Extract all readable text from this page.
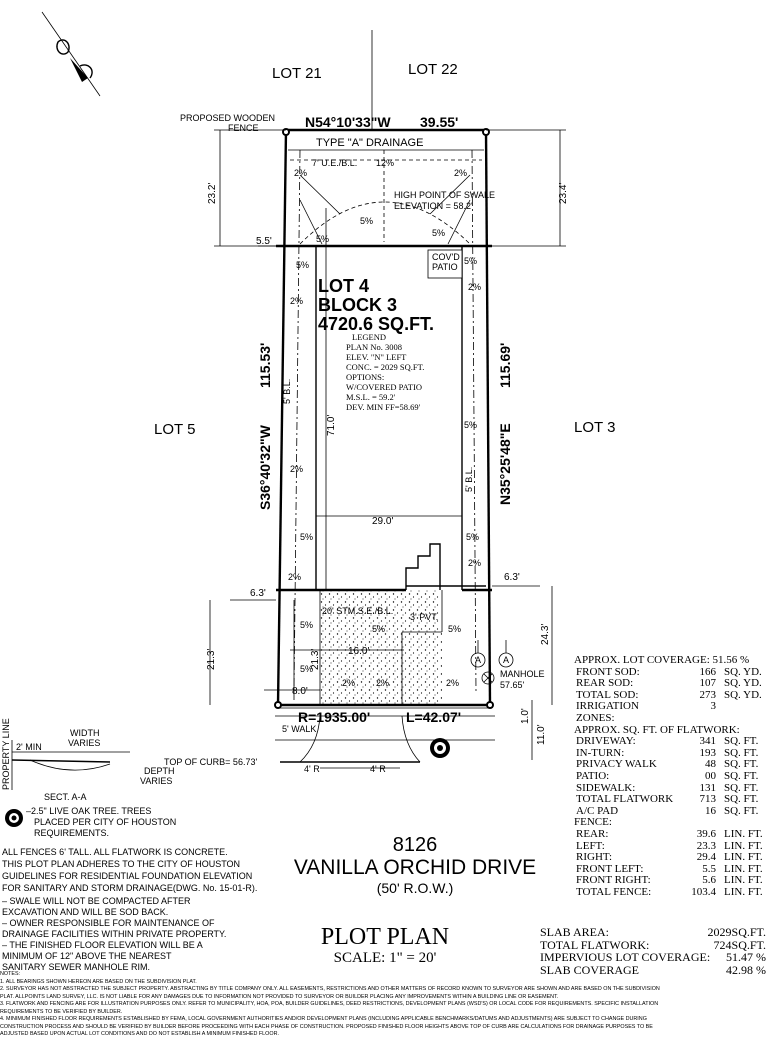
LOT 21	LOT 22
LOT 5	LOT 3
LOT 4
BLOCK 3
4720.6 SQ.FT.
N54°10'33"W 39.55'
S36°40'32"W
115.53'
N35°25'48"E
115.69'
R=1935.00'	L=42.07'
PROPOSED WOODEN
FENCE
TYPE "A" DRAINAGE
7' U.E./B.L.
HIGH POINT OF SWALE
ELEVATION = 58.2'
COV'D
PATIO
20' STM.S.E./B.L.
3' PVT.
5' WALK
MANHOLE
57.65'
5' B.L.
5' B.L.
TOP OF CURB= 56.73'
4' R	4' R
A A
23.2'	23.4'
5.5'
71.0'
29.0'
6.3'
6.3'
21.3'	21.3'	16.0'
8.0'
24.3'
1.0'
11.0'
2%
12%
2%
5%
5%
5%
5%	5%
2%
2%
5%
2%
5%	5%
2%
2%
5%	5%
5%
2% 2%	2%
5%
LEGEND
PLAN No. 3008
ELEV. "N" LEFT
CONC. = 2029 SQ.FT.
OPTIONS:
W/COVERED PATIO
M.S.L. = 59.2'
DEV. MIN FF=58.69'
PROPERTY LINE 2' MIN
WIDTH
VARIES
DEPTH
VARIES
SECT. A-A
–2.5" LIVE OAK TREE. TREES
PLACED PER CITY OF HOUSTON
REQUIREMENTS.
ALL FENCES 6' TALL. ALL FLATWORK IS CONCRETE.
THIS PLOT PLAN ADHERES TO THE CITY OF HOUSTON
GUIDELINES FOR RESIDENTIAL FOUNDATION ELEVATION
FOR SANITARY AND STORM DRAINAGE(DWG. No. 15-01-R).
– SWALE WILL NOT BE COMPACTED AFTER
EXCAVATION AND WILL BE SOD BACK.
– OWNER RESPONSIBLE FOR MAINTENANCE OF
DRAINAGE FACILITIES WITHIN PRIVATE PROPERTY.
– THE FINISHED FLOOR ELEVATION WILL BE A
MINIMUM OF 12" ABOVE THE NEAREST
SANITARY SEWER MANHOLE RIM.
8126
VANILLA ORCHID DRIVE
(50' R.O.W.)
PLOT PLAN
SCALE: 1" = 20'
APPROX. LOT COVERAGE: 51.56 %
FRONT SOD:	166 SQ. YD.
REAR SOD:	107 SQ. YD.
TOTAL SOD:	273 SQ. YD.
IRRIGATION ZONES:
3
APPROX. SQ. FT. OF FLATWORK:
DRIVEWAY:	341 SQ. FT.
IN-TURN:	193 SQ. FT.
PRIVACY WALK	48 SQ. FT.
PATIO:	00 SQ. FT.
SIDEWALK:	131 SQ. FT.
TOTAL FLATWORK	713 SQ. FT.
A/C PAD	16 SQ. FT.
FENCE:
REAR:	39.6 LIN. FT.
LEFT:	23.3 LIN. FT.
RIGHT:	29.4 LIN. FT.
FRONT LEFT:	5.5 LIN. FT.
FRONT RIGHT:	5.6 LIN. FT.
TOTAL FENCE:	103.4 LIN. FT.
SLAB AREA:	2029SQ.FT.
TOTAL FLATWORK:	724SQ.FT.
IMPERVIOUS LOT COVERAGE: 51.47 %
SLAB COVERAGE	42.98 %
NOTES:
1. ALL BEARINGS SHOWN HEREON ARE BASED ON THE SUBDIVISION PLAT.
2. SURVEYOR HAS NOT ABSTRACTED THE SUBJECT PROPERTY. ABSTRACTING BY TITLE COMPANY ONLY. ALL EASEMENTS, RESTRICTIONS AND OTHER MATTERS OF RECORD KNOWN TO SURVEYOR ARE SHOWN AND ARE BASED ON THE SUBDIVISION
PLAT. ALLPOINTS LAND SURVEY, LLC. IS NOT LIABLE FOR ANY DAMAGES DUE TO INFORMATION NOT PROVIDED TO SURVEYOR OR BUILDER PLACING ANY IMPROVEMENTS WITHIN A BUILDING LINE OR EASEMENT.
3. FLATWORK AND FENCING ARE FOR ILLUSTRATION PURPOSES ONLY. REFER TO MUNICIPALITY, HOA, POA, BUILDER GUIDELINES, DEED RESTRICTIONS, DEVELOPMENT PLANS (WSD'S) OR LOCAL CODE FOR REQUIREMENTS. SPECIFIC INSTALLATION
REQUIREMENTS TO BE VERIFIED BY BUILDER.
4. MINIMUM FINISHED FLOOR REQUIREMENTS ESTABLISHED BY FEMA, LOCAL GOVERNMENT AUTHORITIES AND/OR DEVELOPMENT PLANS (INCLUDING APPLICABLE BENCHMARKS/DATUMS AND ADJUSTMENTS) ARE SUBJECT TO CHANGE DURING
CONSTRUCTION PROCESS AND SHOULD BE VERIFIED BY BUILDER BEFORE PROCEEDING WITH EACH PHASE OF CONSTRUCTION. PROPOSED FINISHED FLOOR HEIGHTS ABOVE TOP OF CURB ARE CALCULATIONS FOR DRAINAGE PURPOSES TO BE
ADJUSTED BASED UPON ACTUAL LOT CONDITIONS AND DO NOT ESTABLISH A MINIMUM FINISHED FLOOR.
